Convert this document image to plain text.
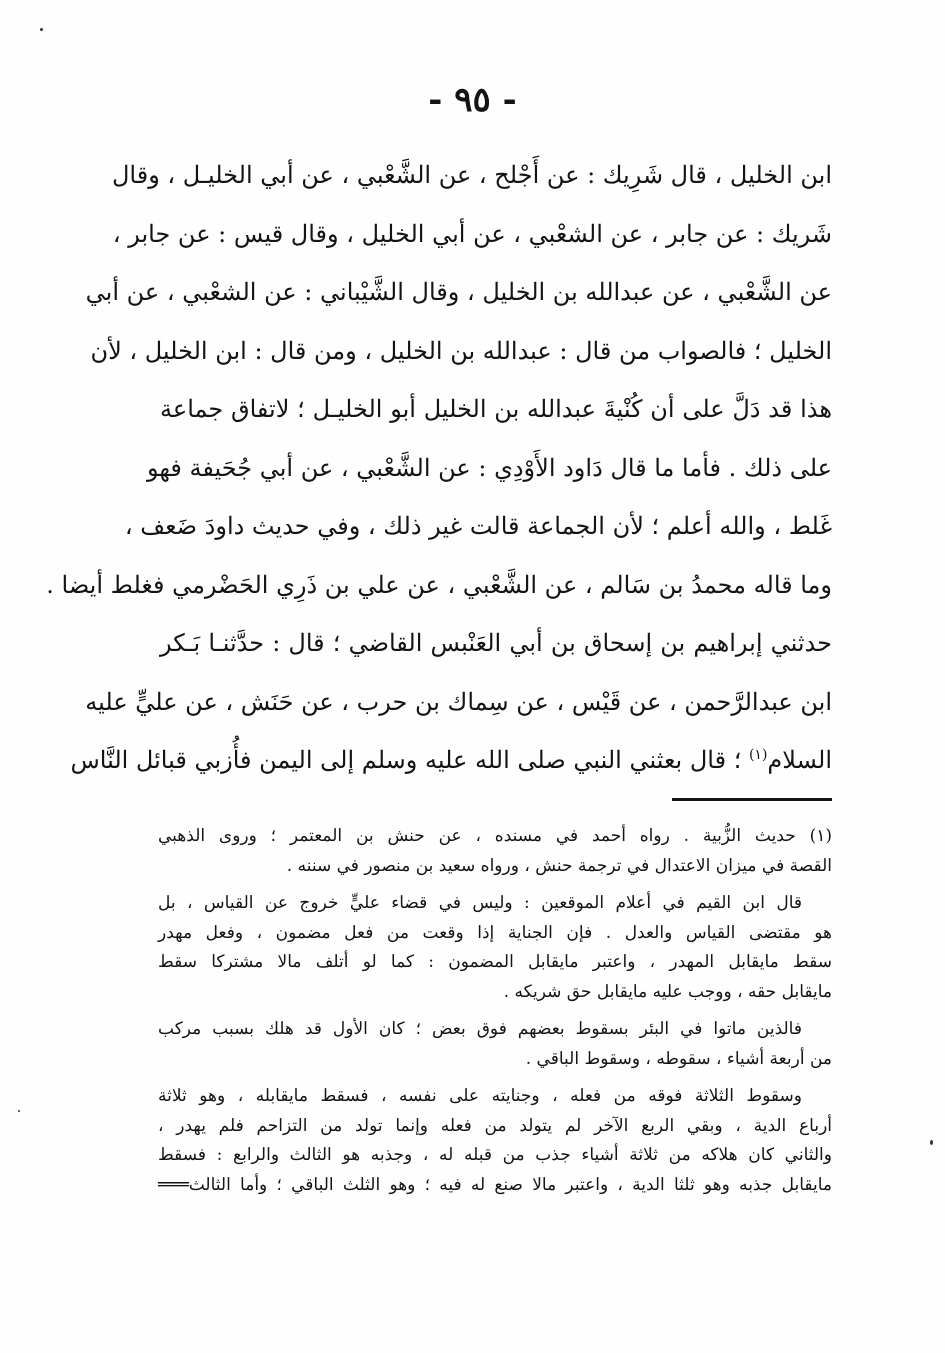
- ٩٥ -
ابن الخليل ، قال شَرِيك : عن أَجْلح ، عن الشَّعْبي ، عن أبي الخليـل ، وقال
شَريك : عن جابر ، عن الشعْبي ، عن أبي الخليل ، وقال قيس : عن جابر ،
عن الشَّعْبي ، عن عبدالله بن الخليل ، وقال الشَّيْباني : عن الشعْبي ، عن أبي
الخليل ؛ فالصواب من قال : عبدالله بن الخليل ، ومن قال : ابن الخليل ، لأن
هذا قد دَلَّ على أن كُنْيةَ عبدالله بن الخليل أبو الخليـل ؛ لاتفاق جماعة
على ذلك . فأما ما قال دَاود الأَوْدِي : عن الشَّعْبي ، عن أبي جُحَيفة فهو
غَلط ، والله أعلم ؛ لأن الجماعة قالت غير ذلك ، وفي حديث داودَ ضَعف ،
وما قاله محمدُ بن سَالم ، عن الشَّعْبي ، عن علي بن ذَرِي الحَضْرمي فغلط أيضا .
حدثني إبراهيم بن إسحاق بن أبي العَنْبس القاضي ؛ قال : حدَّثنـا بَـكر
ابن عبدالرَّحمن ، عن قَيْس ، عن سِماك بن حرب ، عن حَنَش ، عن عليٍّ عليه
السلام$^{(١)}$ ؛ قال بعثني النبي صلى الله عليه وسلم إلى اليمن فأُزبي قبائل النَّاس
(١) حديث الزُّبية . رواه أحمد في مسنده ، عن حنش بن المعتمر ؛ وروى الذهبي
القصة في ميزان الاعتدال في ترجمة حنش ، ورواه سعيد بن منصور في سننه .
قال ابن القيم في أعلام الموقعين : وليس في قضاء عليٍّ خروج عن القياس ، بل
هو مقتضى القياس والعدل . فإن الجناية إذا وقعت من فعل مضمون ، وفعل مهدر
سقط مايقابل المهدر ، واعتبر مايقابل المضمون : كما لو أتلف مالا مشتركا سقط
مايقابل حقه ، ووجب عليه مايقابل حق شريكه .
فالذين ماتوا في البئر بسقوط بعضهم فوق بعض ؛ كان الأول قد هلك بسبب مركب
من أربعة أشياء ، سقوطه ، وسقوط الباقي .
وسقوط الثلاثة فوقه من فعله ، وجنايته على نفسه ، فسقط مايقابله ، وهو ثلاثة
أرباع الدية ، وبقي الربع الآخر لم يتولد من فعله وإنما تولد من التزاحم فلم يهدر ،
والثاني كان هلاكه من ثلاثة أشياء جذب من قبله له ، وجذبه هو الثالث والرابع : فسقط
مايقابل جذبه وهو ثلثا الدية ، واعتبر مالا صنع له فيه ؛ وهو الثلث الباقي ؛ وأما الثالث═══
